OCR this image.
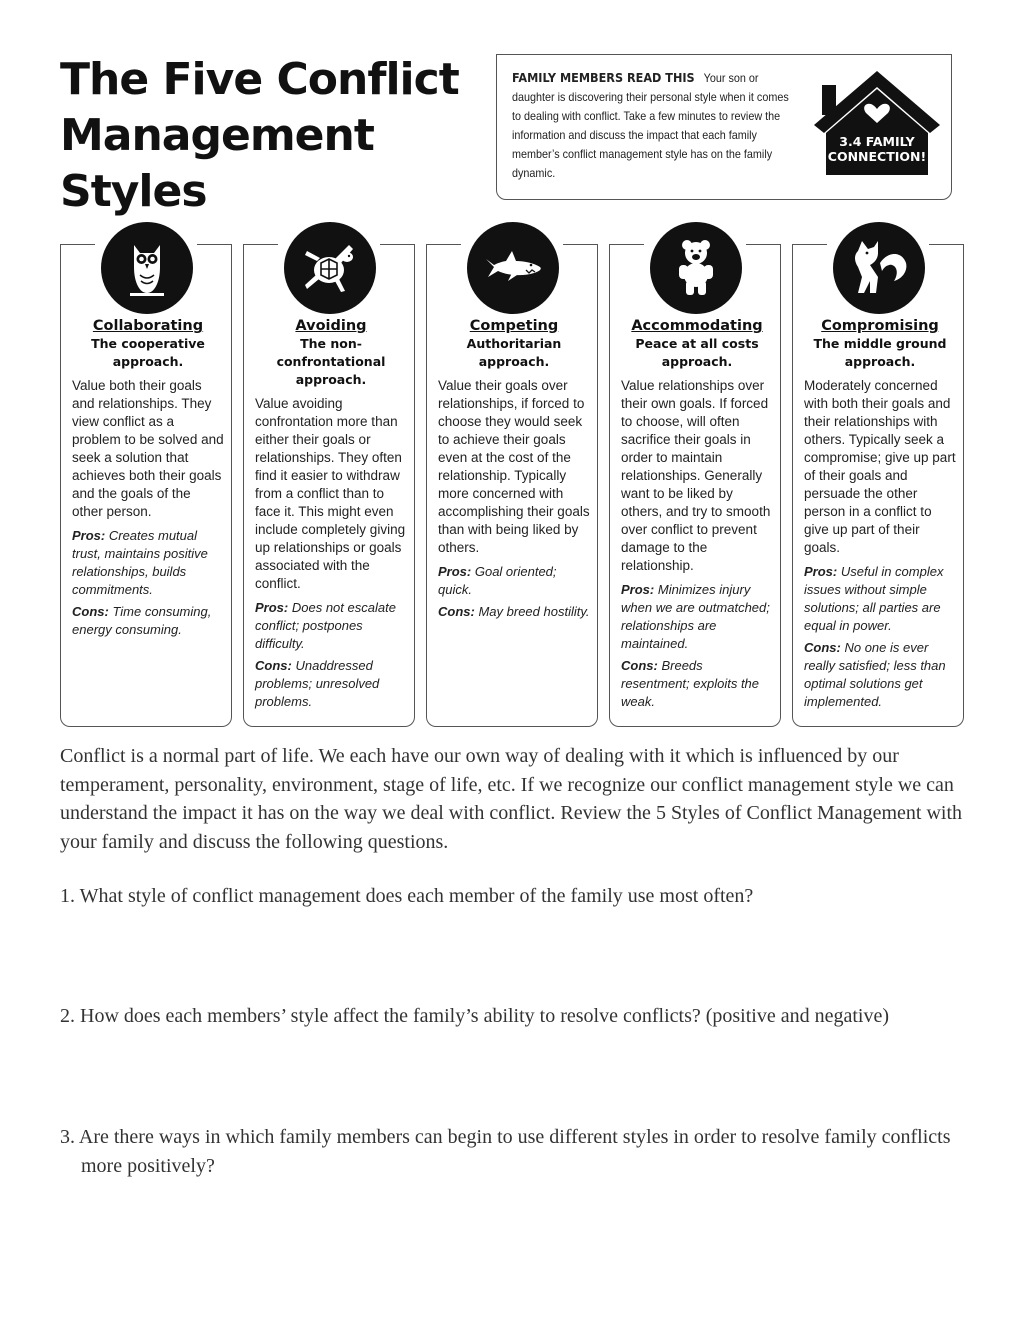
The Five Conflict Management Styles
FAMILY MEMBERS READ THIS Your son or daughter is discovering their personal style when it comes to dealing with conflict. Take a few minutes to review the information and discuss the impact that each family member’s conflict management style has on the family dynamic.
3.4 FAMILY
CONNECTION!
Collaborating
The cooperative approach.

Value both their goals and relationships. They view conflict as a problem to be solved and seek a solution that achieves both their goals and the goals of the other person.

Pros: Creates mutual trust, maintains positive relationships, builds commitments.

Cons: Time consuming, energy consuming.

Avoiding
The non-confrontational approach.

Value avoiding confrontation more than either their goals or relationships. They often find it easier to withdraw from a conflict than to face it. This might even include completely giving up relationships or goals associated with the conflict.

Pros: Does not escalate conflict; postpones difficulty.

Cons: Unaddressed problems; unresolved problems.

Competing
Authoritarian approach.

Value their goals over relationships, if forced to choose they would seek to achieve their goals even at the cost of the relationship. Typically more concerned with accomplishing their goals than with being liked by others.

Pros: Goal oriented; quick.

Cons: May breed hostility.

Accommodating
Peace at all costs approach.

Value relationships over their own goals. If forced to choose, will often sacrifice their goals in order to maintain relationships. Generally want to be liked by others, and try to smooth over conflict to prevent damage to the relationship.

Pros: Minimizes injury when we are outmatched; relationships are maintained.

Cons: Breeds resentment; exploits the weak.

Compromising
The middle ground approach.

Moderately concerned with both their goals and their relationships with others. Typically seek a compromise; give up part of their goals and persuade the other person in a conflict to give up part of their goals.

Pros: Useful in complex issues without simple solutions; all parties are equal in power.

Cons: No one is ever really satisfied; less than optimal solutions get implemented.

Conflict is a normal part of life. We each have our own way of dealing with it which is influenced by our temperament, personality, environment, stage of life, etc. If we recognize our conflict management style we can understand the impact it has on the way we deal with conflict. Review the 5 Styles of Conflict Management with your family and discuss the following questions.

1. What style of conflict management does each member of the family use most often?

2. How does each members’ style affect the family’s ability to resolve conflicts? (positive and negative)

3. Are there ways in which family members can begin to use different styles in order to resolve family conflicts more positively?
